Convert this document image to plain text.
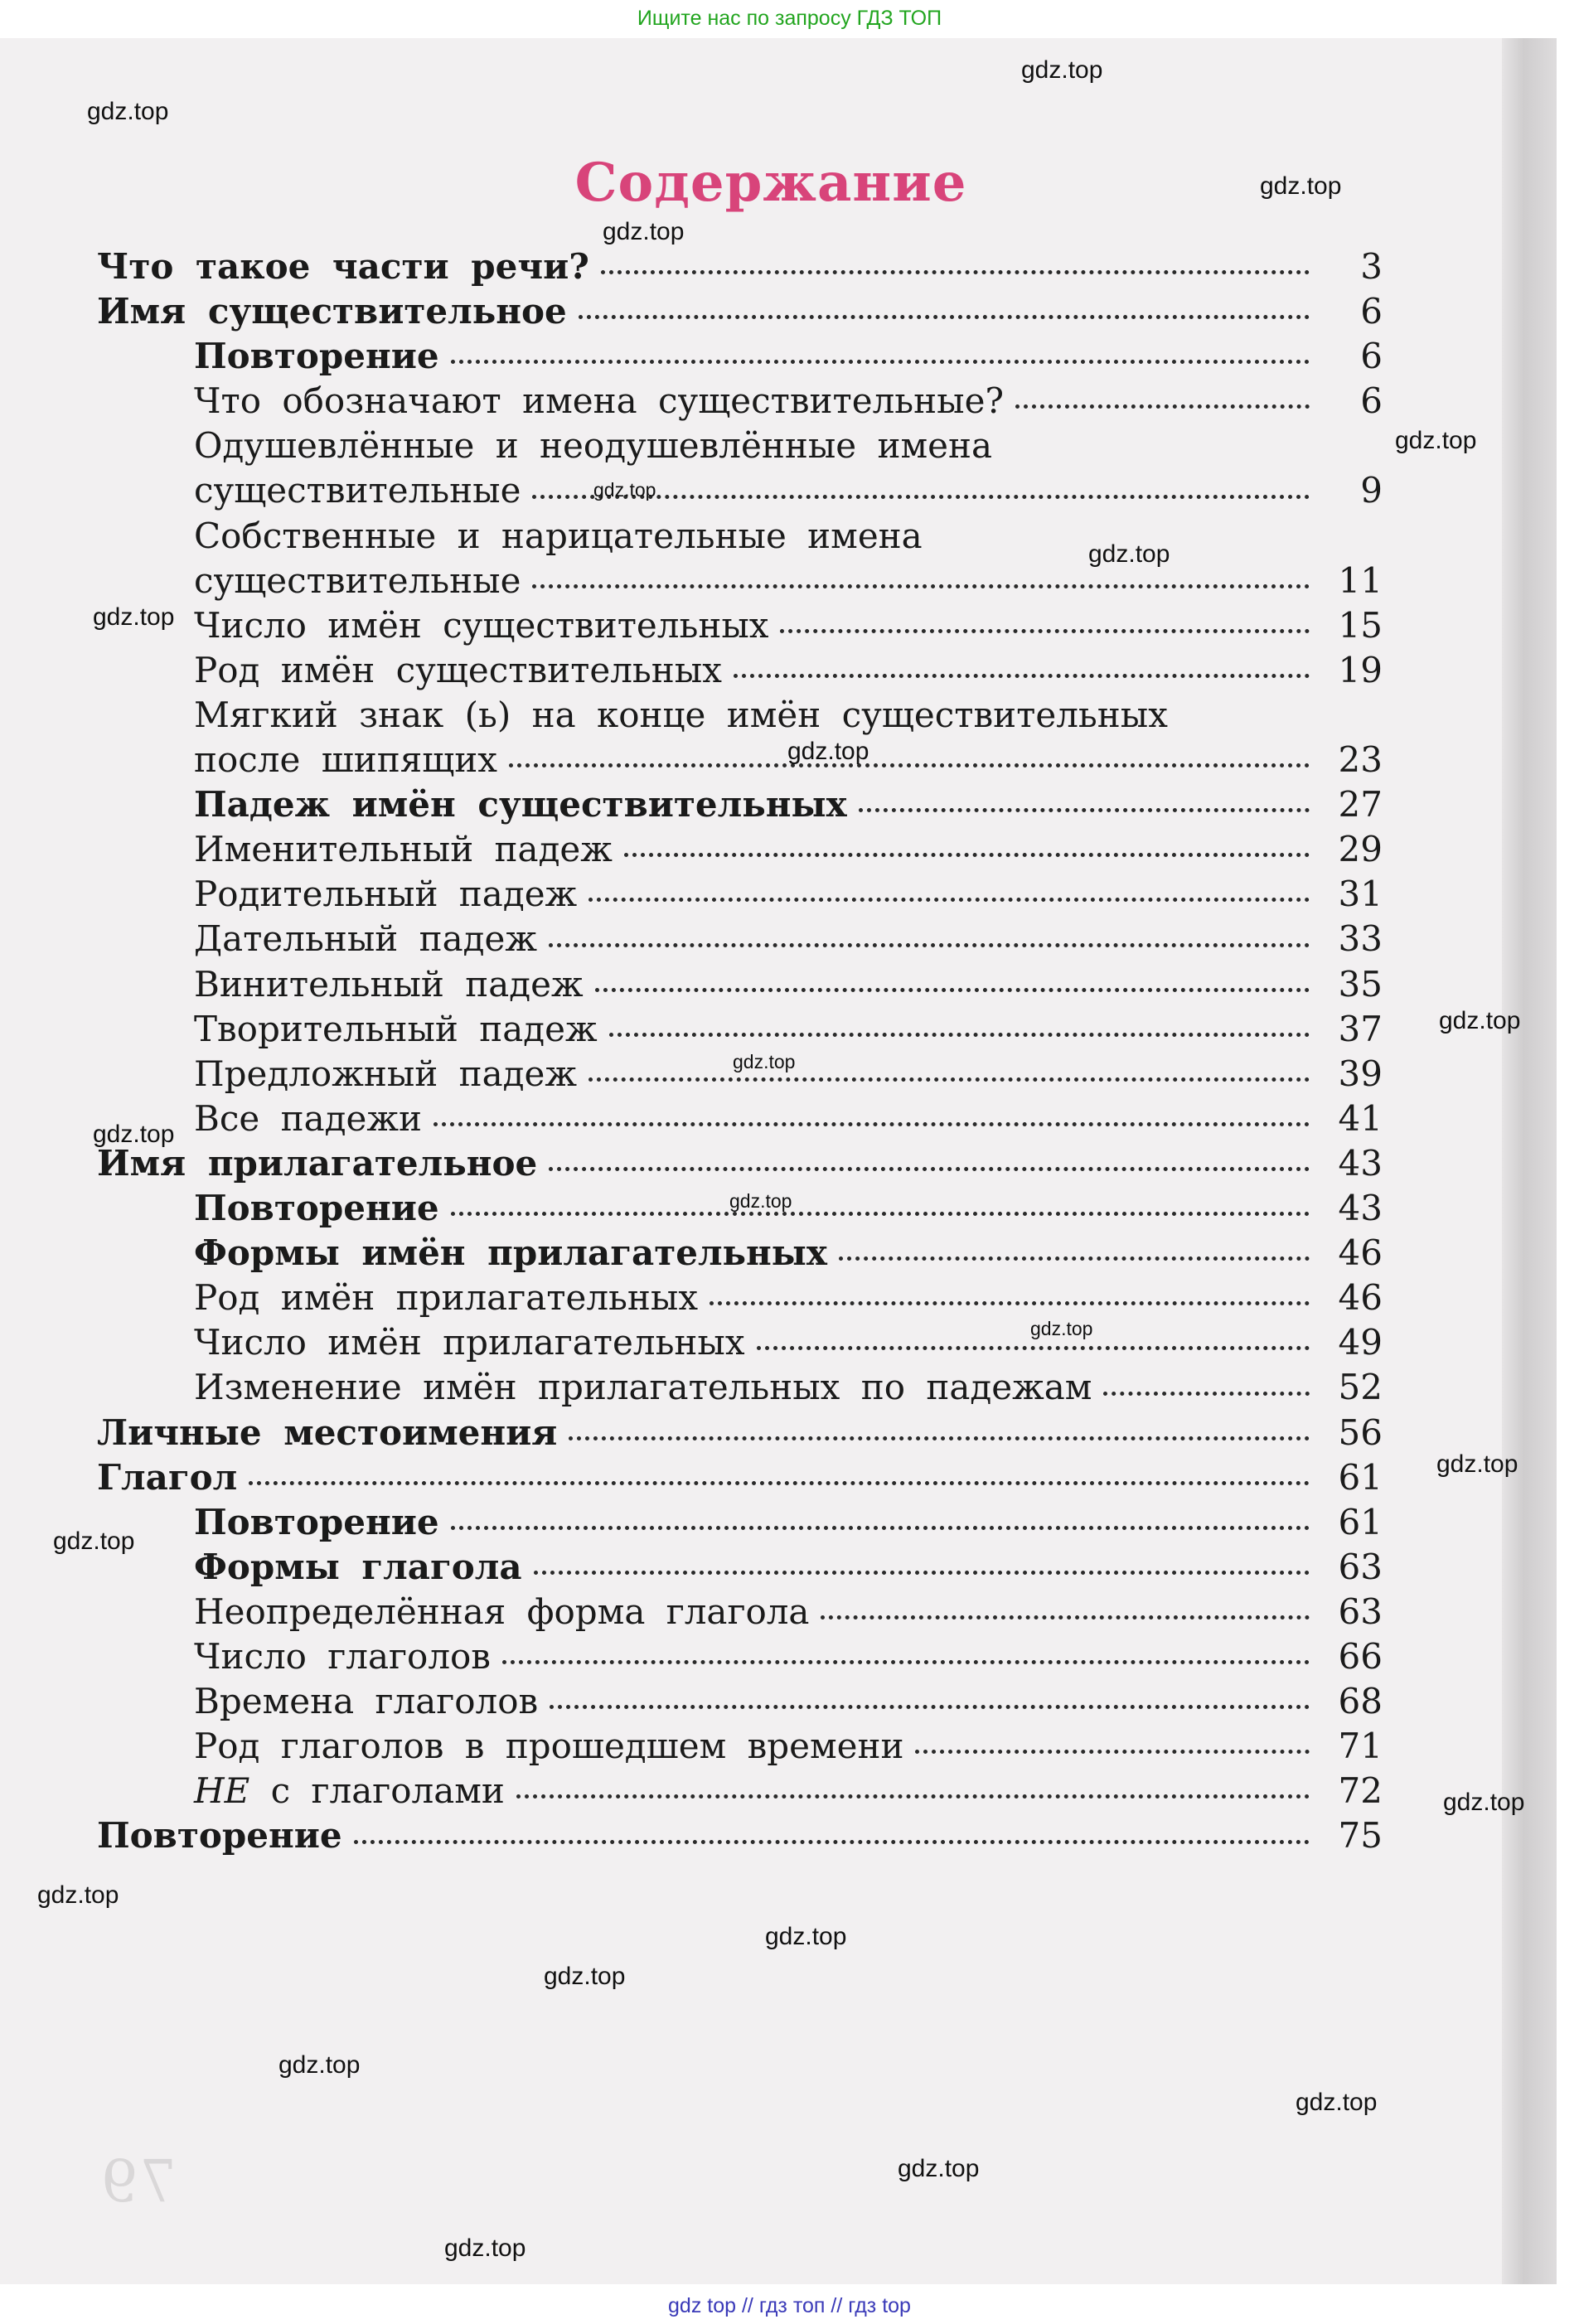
Ищите нас по запросу ГДЗ ТОП
79
Содержание
Что такое части речи?	3
Имя существительное	6
Повторение	6
Что обозначают имена существительные?	6
Одушевлённые и неодушевлённые имена
существительные	9
Собственные и нарицательные имена
существительные	11
Число имён существительных	15
Род имён существительных	19
Мягкий знак (ь) на конце имён существительных
после шипящих	23
Падеж имён существительных	27
Именительный падеж	29
Родительный падеж	31
Дательный падеж	33
Винительный падеж	35
Творительный падеж	37
Предложный падеж	39
Все падежи	41
Имя прилагательное	43
Повторение	43
Формы имён прилагательных	46
Род имён прилагательных	46
Число имён прилагательных	49
Изменение имён прилагательных по падежам	52
Личные местоимения	56
Глагол	61
Повторение	61
Формы глагола	63
Неопределённая форма глагола	63
Число глаголов	66
Времена глаголов	68
Род глаголов в прошедшем времени	71
НЕ с глаголами	72
Повторение	75
gdz.top
gdz.top
gdz.top
gdz.top
gdz.top
gdz.top
gdz.top
gdz.top
gdz.top
gdz.top
gdz.top
gdz.top
gdz.top
gdz.top
gdz.top
gdz.top
gdz.top
gdz.top
gdz.top
gdz.top
gdz.top
gdz.top
gdz.top
gdz.top
gdz top // гдз топ // гдз top
